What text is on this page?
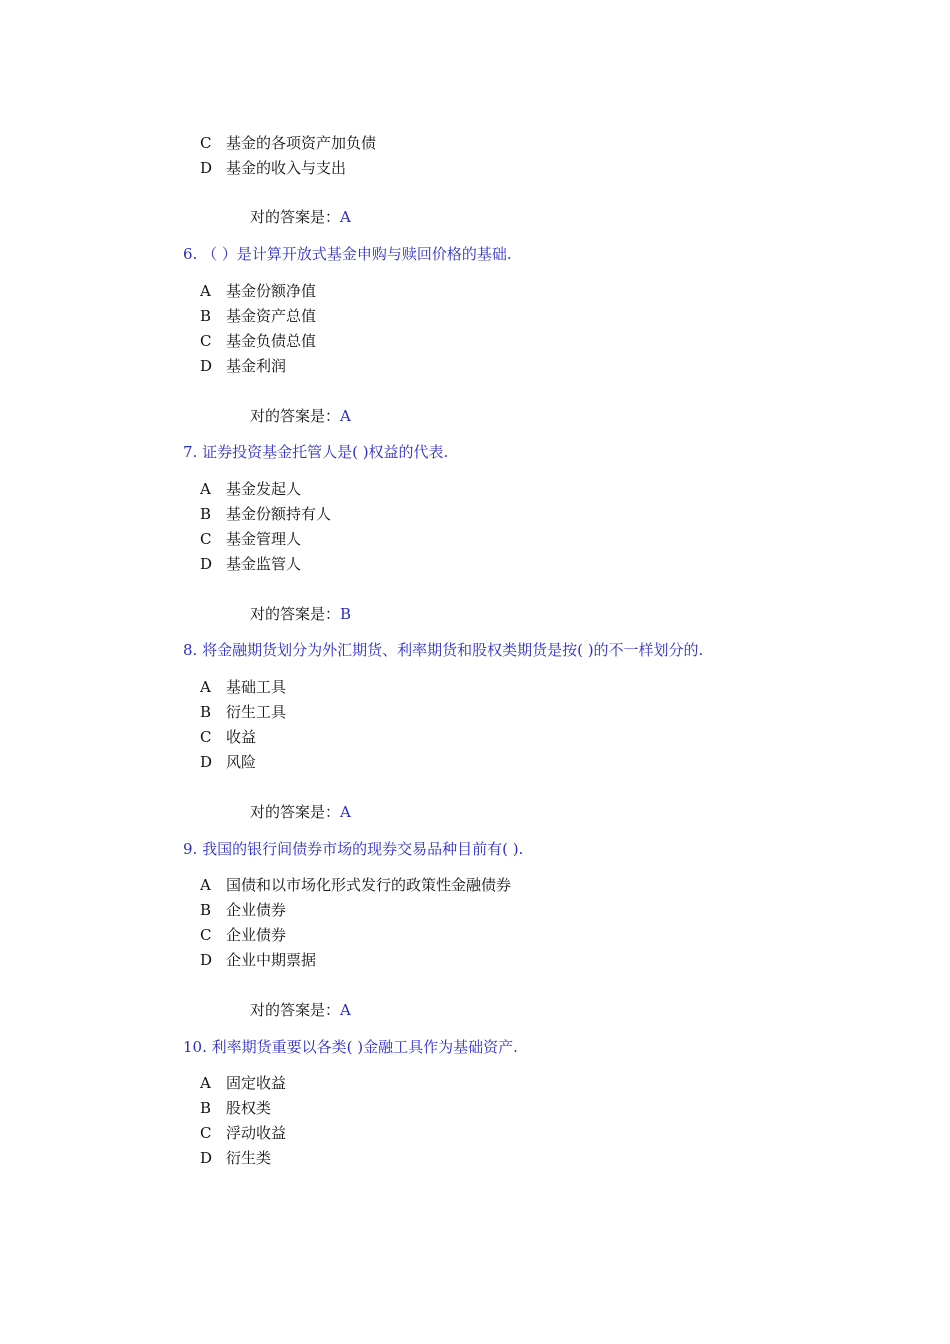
C 基金的各项资产加负债
D 基金的收入与支出
对的答案是：A
6. （ ）是计算开放式基金申购与赎回价格的基础.
A 基金份额净值
B 基金资产总值
C 基金负债总值
D 基金利润
对的答案是：A
7. 证券投资基金托管人是( )权益的代表.
A 基金发起人
B 基金份额持有人
C 基金管理人
D 基金监管人
对的答案是：B
8. 将金融期货划分为外汇期货、利率期货和股权类期货是按( )的不一样划分的.
A 基础工具
B 衍生工具
C 收益
D 风险
对的答案是：A
9. 我国的银行间债券市场的现券交易品种目前有( ).
A 国债和以市场化形式发行的政策性金融债券
B 企业债券
C 企业债券
D 企业中期票据
对的答案是：A
10. 利率期货重要以各类( )金融工具作为基础资产.
A 固定收益
B 股权类
C 浮动收益
D 衍生类
